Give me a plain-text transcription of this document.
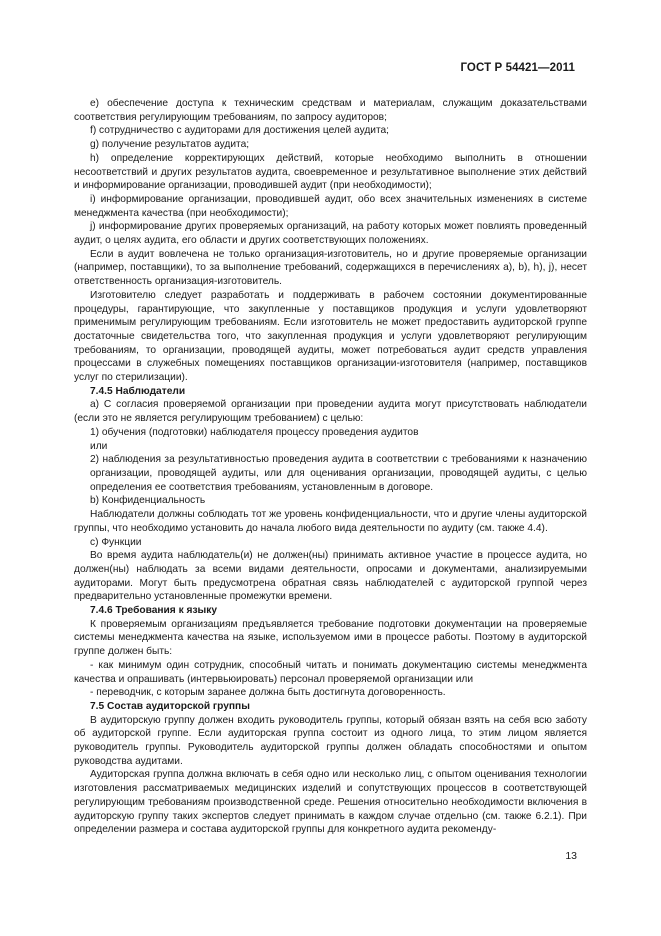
ГОСТ Р 54421—2011

e) обеспечение доступа к техническим средствам и материалам, служащим доказательствами соответствия регулирующим требованиям, по запросу аудиторов;

f) сотрудничество с аудиторами для достижения целей аудита;

g) получение результатов аудита;

h) определение корректирующих действий, которые необходимо выполнить в отношении несоответствий и других результатов аудита, своевременное и результативное выполнение этих действий и информирование организации, проводившей аудит (при необходимости);

i) информирование организации, проводившей аудит, обо всех значительных изменениях в системе менеджмента качества (при необходимости);

j) информирование других проверяемых организаций, на работу которых может повлиять проведенный аудит, о целях аудита, его области и других соответствующих положениях.

Если в аудит вовлечена не только организация-изготовитель, но и другие проверяемые организации (например, поставщики), то за выполнение требований, содержащихся в перечислениях a), b), h), j), несет ответственность организация-изготовитель.

Изготовителю следует разработать и поддерживать в рабочем состоянии документированные процедуры, гарантирующие, что закупленные у поставщиков продукция и услуги удовлетворяют применимым регулирующим требованиям. Если изготовитель не может предоставить аудиторской группе достаточные свидетельства того, что закупленная продукция и услуги удовлетворяют регулирующим требованиям, то организации, проводящей аудиты, может потребоваться аудит средств управления процессами в служебных помещениях поставщиков организации-изготовителя (например, поставщиков услуг по стерилизации).

7.4.5 Наблюдатели

a) С согласия проверяемой организации при проведении аудита могут присутствовать наблюдатели (если это не является регулирующим требованием) с целью:

1) обучения (подготовки) наблюдателя процессу проведения аудитов

или

2) наблюдения за результативностью проведения аудита в соответствии с требованиями к назначению организации, проводящей аудиты, или для оценивания организации, проводящей аудиты, с целью определения ее соответствия требованиям, установленным в договоре.

b) Конфиденциальность

Наблюдатели должны соблюдать тот же уровень конфиденциальности, что и другие члены аудиторской группы, что необходимо установить до начала любого вида деятельности по аудиту (см. также 4.4).

c) Функции

Во время аудита наблюдатель(и) не должен(ны) принимать активное участие в процессе аудита, но должен(ны) наблюдать за всеми видами деятельности, опросами и документами, анализируемыми аудиторами. Могут быть предусмотрена обратная связь наблюдателей с аудиторской группой через предварительно установленные промежутки времени.

7.4.6 Требования к языку

К проверяемым организациям предъявляется требование подготовки документации на проверяемые системы менеджмента качества на языке, используемом ими в процессе работы. Поэтому в аудиторской группе должен быть:

- как минимум один сотрудник, способный читать и понимать документацию системы менеджмента качества и опрашивать (интервьюировать) персонал проверяемой организации или

- переводчик, с которым заранее должна быть достигнута договоренность.

7.5 Состав аудиторской группы

В аудиторскую группу должен входить руководитель группы, который обязан взять на себя всю заботу об аудиторской группе. Если аудиторская группа состоит из одного лица, то этим лицом является руководитель группы. Руководитель аудиторской группы должен обладать способностями и опытом руководства аудитами.

Аудиторская группа должна включать в себя одно или несколько лиц, с опытом оценивания технологии изготовления рассматриваемых медицинских изделий и сопутствующих процессов в соответствующей регулирующим требованиям производственной среде. Решения относительно необходимости включения в аудиторскую группу таких экспертов следует принимать в каждом случае отдельно (см. также 6.2.1). При определении размера и состава аудиторской группы для конкретного аудита рекоменду-

13
